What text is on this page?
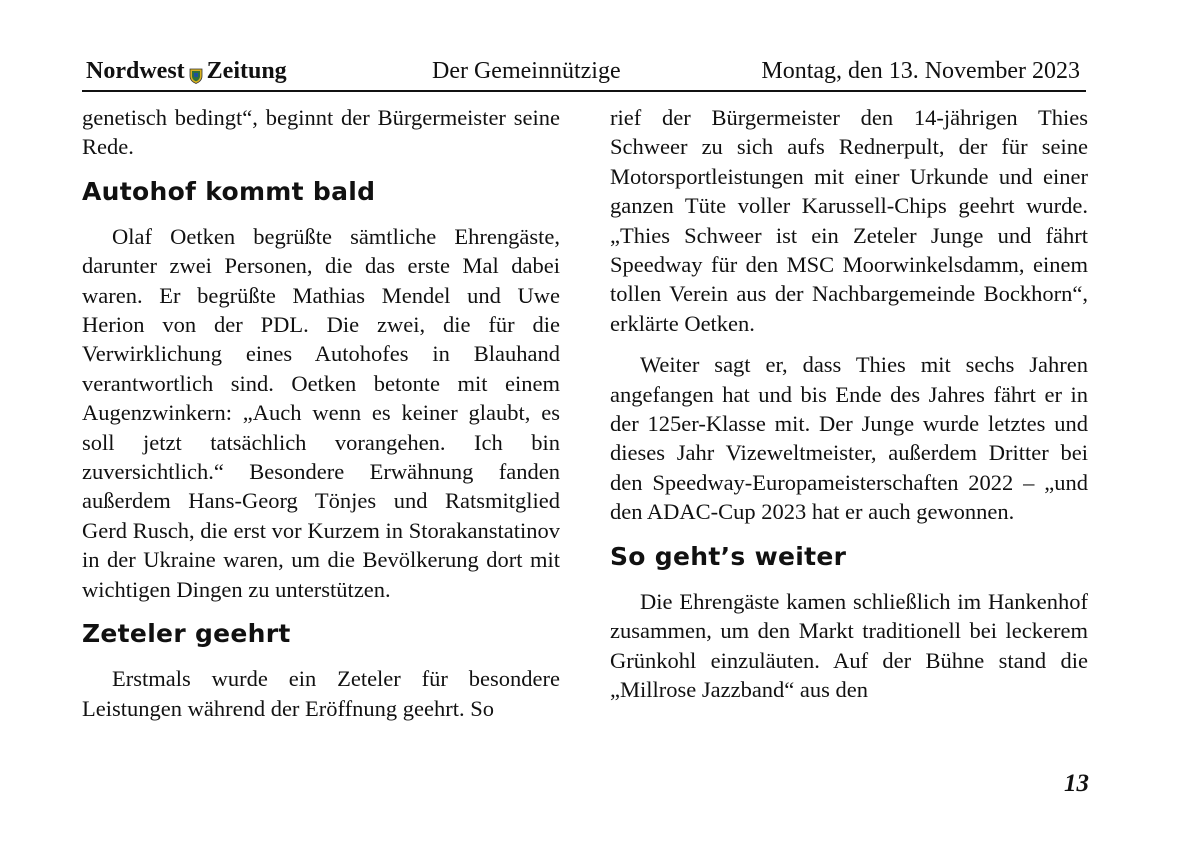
Nordwest Zeitung	Der Gemeinnützige	Montag, den 13. November 2023

genetisch bedingt“, beginnt der Bürgermeister seine Rede.

Autohof kommt bald

Olaf Oetken begrüßte sämtliche Ehrengäste, darunter zwei Personen, die das erste Mal dabei waren. Er begrüßte Mathias Mendel und Uwe Herion von der PDL. Die zwei, die für die Verwirklichung eines Autohofes in Blauhand verantwortlich sind. Oetken betonte mit einem Augenzwinkern: „Auch wenn es keiner glaubt, es soll jetzt tatsächlich vorangehen. Ich bin zuversichtlich.“ Besondere Erwähnung fanden außerdem Hans-Georg Tönjes und Ratsmitglied Gerd Rusch, die erst vor Kurzem in Storakanstatinov in der Ukraine waren, um die Bevölkerung dort mit wichtigen Dingen zu unterstützen.

Zeteler geehrt

Erstmals wurde ein Zeteler für besondere Leistungen während der Eröffnung geehrt. So

rief der Bürgermeister den 14-jährigen Thies Schweer zu sich aufs Rednerpult, der für seine Motorsportleistungen mit einer Urkunde und einer ganzen Tüte voller Karussell-Chips geehrt wurde. „Thies Schweer ist ein Zeteler Junge und fährt Speedway für den MSC Moorwinkelsdamm, einem tollen Verein aus der Nachbargemeinde Bockhorn“, erklärte Oetken.

Weiter sagt er, dass Thies mit sechs Jahren angefangen hat und bis Ende des Jahres fährt er in der 125er-Klasse mit. Der Junge wurde letztes und dieses Jahr Vizeweltmeister, außerdem Dritter bei den Speedway-Europameisterschaften 2022 – „und den ADAC-Cup 2023 hat er auch gewonnen.

So geht’s weiter

Die Ehrengäste kamen schließlich im Hankenhof zusammen, um den Markt traditionell bei leckerem Grünkohl einzuläuten. Auf der Bühne stand die „Millrose Jazzband“ aus den

13
